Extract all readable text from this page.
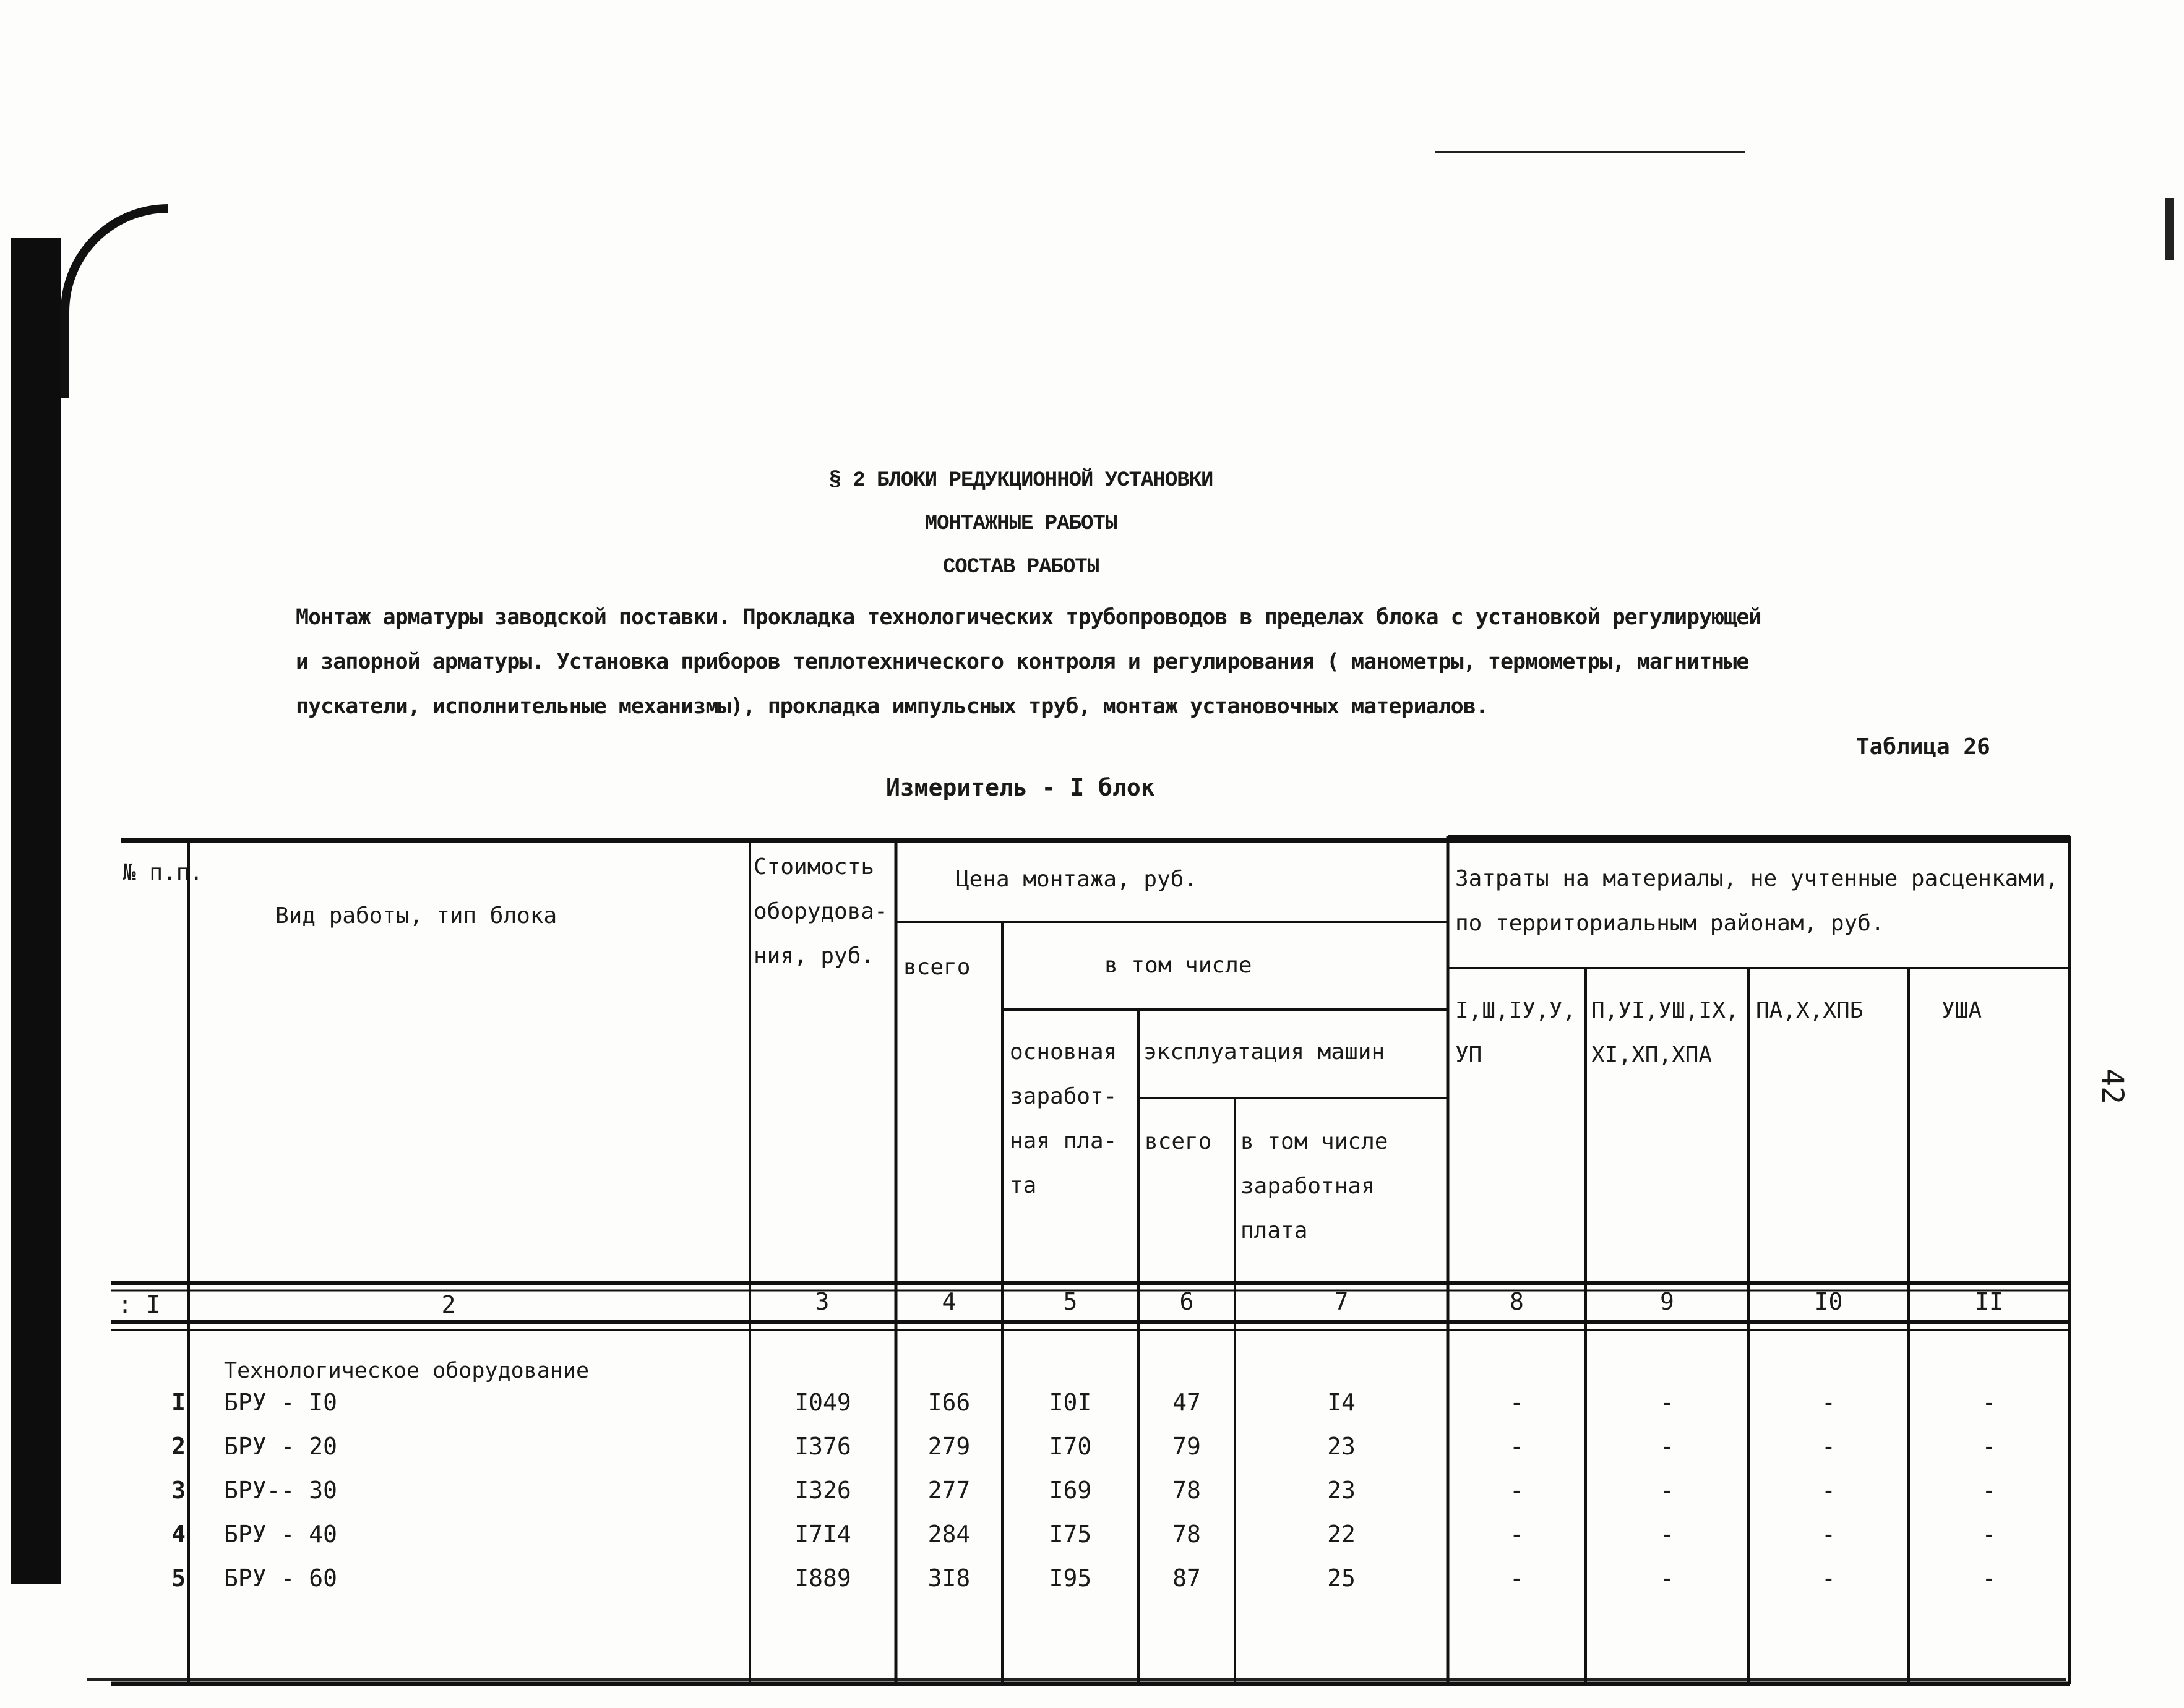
42
§ 2 БЛОКИ РЕДУКЦИОННОЙ УСТАНОВКИ
МОНТАЖНЫЕ РАБОТЫ
СОСТАВ РАБОТЫ
Монтаж арматуры заводской поставки. Прокладка технологических трубопроводов в пределах блока с установкой регулирующей
и запорной арматуры. Установка приборов теплотехнического контроля и регулирования ( манометры, термометры, магнитные
пускатели, исполнительные механизмы), прокладка импульсных труб, монтаж установочных материалов.
Таблица 26
Измеритель - I блок
№ п.п.
Вид работы, тип блока
Стоимость
оборудова-
ния, руб.
Цена монтажа, руб.
всего	в том числе
основная
заработ-
ная пла-
та
эксплуатация машин
всего в том числе
заработная
плата
Затраты на материалы, не учтенные расценками,
по территориальным районам, руб.
I,Ш,IУ,У,
УП
П,УI,УШ,IХ,
ХI,ХП,ХПА
ПА,Х,ХПБ	УША
: I	2	3	4	5	6	7	8	9	I0	II
Технологическое оборудование
I БРУ - I0	I049	I66	I0I	47	I4	-	-	-	-
2 БРУ - 20	I376	279	I70	79	23	-	-	-	-
3 БРУ-- 30	I326	277	I69	78	23	-	-	-	-
4 БРУ - 40	I7I4	284	I75	78	22	-	-	-	-
5 БРУ - 60	I889	3I8	I95	87	25	-	-	-	-
